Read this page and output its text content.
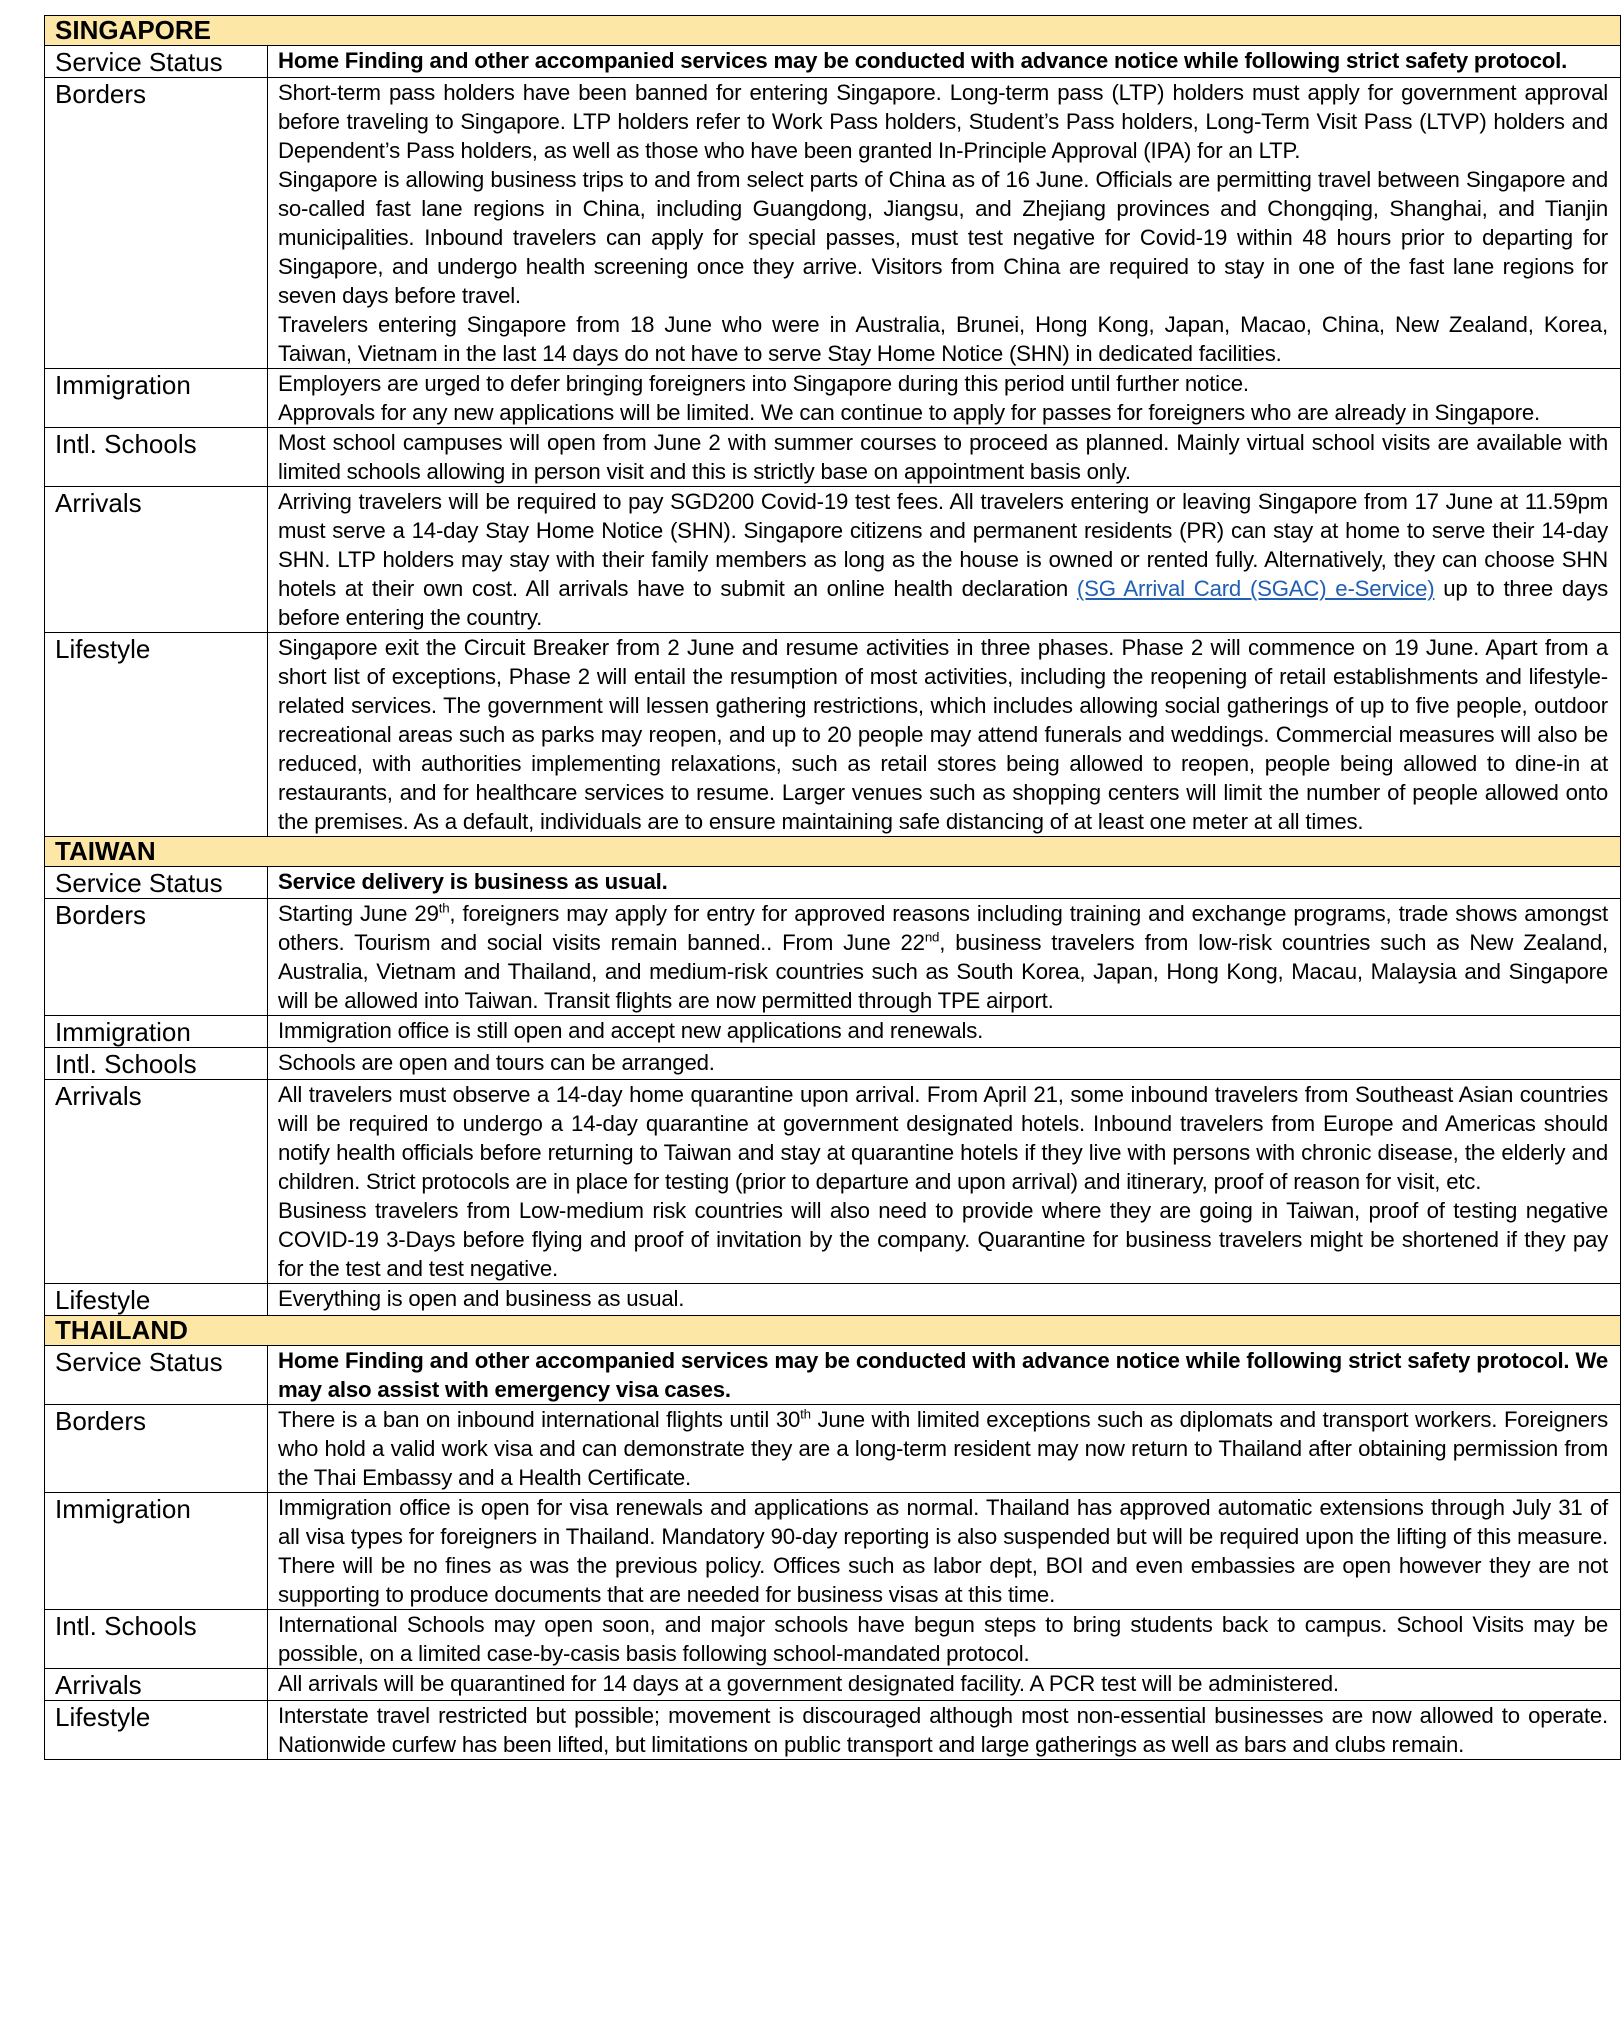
SINGAPORE	
Service Status	Home Finding and other accompanied services may be conducted with advance notice while following strict safety protocol.

Borders	Short-term pass holders have been banned for entering Singapore. Long-term pass (LTP) holders must apply for government approval before traveling to Singapore. LTP holders refer to Work Pass holders, Student’s Pass holders, Long-Term Visit Pass (LTVP) holders and Dependent’s Pass holders, as well as those who have been granted In-Principle Approval (IPA) for an LTP.
Singapore is allowing business trips to and from select parts of China as of 16 June. Officials are permitting travel between Singapore and so-called fast lane regions in China, including Guangdong, Jiangsu, and Zhejiang provinces and Chongqing, Shanghai, and Tianjin municipalities. Inbound travelers can apply for special passes, must test negative for Covid-19 within 48 hours prior to departing for Singapore, and undergo health screening once they arrive. Visitors from China are required to stay in one of the fast lane regions for seven days before travel.
Travelers entering Singapore from 18 June who were in Australia, Brunei, Hong Kong, Japan, Macao, China, New Zealand, Korea, Taiwan, Vietnam in the last 14 days do not have to serve Stay Home Notice (SHN) in dedicated facilities.

Immigration	Employers are urged to defer bringing foreigners into Singapore during this period until further notice.
Approvals for any new applications will be limited. We can continue to apply for passes for foreigners who are already in Singapore.

Intl. Schools	Most school campuses will open from June 2 with summer courses to proceed as planned. Mainly virtual school visits are available with limited schools allowing in person visit and this is strictly base on appointment basis only.

Arrivals	Arriving travelers will be required to pay SGD200 Covid-19 test fees. All travelers entering or leaving Singapore from 17 June at 11.59pm must serve a 14-day Stay Home Notice (SHN). Singapore citizens and permanent residents (PR) can stay at home to serve their 14-day SHN. LTP holders may stay with their family members as long as the house is owned or rented fully. Alternatively, they can choose SHN hotels at their own cost. All arrivals have to submit an online health declaration (SG Arrival Card (SGAC) e-Service) up to three days before entering the country.

Lifestyle	Singapore exit the Circuit Breaker from 2 June and resume activities in three phases. Phase 2 will commence on 19 June. Apart from a short list of exceptions, Phase 2 will entail the resumption of most activities, including the reopening of retail establishments and lifestyle-related services. The government will lessen gathering restrictions, which includes allowing social gatherings of up to five people, outdoor recreational areas such as parks may reopen, and up to 20 people may attend funerals and weddings. Commercial measures will also be reduced, with authorities implementing relaxations, such as retail stores being allowed to reopen, people being allowed to dine-in at restaurants, and for healthcare services to resume. Larger venues such as shopping centers will limit the number of people allowed onto the premises. As a default, individuals are to ensure maintaining safe distancing of at least one meter at all times.

TAIWAN	
Service Status	Service delivery is business as usual.

Borders	Starting June 29th, foreigners may apply for entry for approved reasons including training and exchange programs, trade shows amongst others. Tourism and social visits remain banned.. From June 22nd, business travelers from low-risk countries such as New Zealand, Australia, Vietnam and Thailand, and medium-risk countries such as South Korea, Japan, Hong Kong, Macau, Malaysia and Singapore will be allowed into Taiwan. Transit flights are now permitted through TPE airport.

Immigration	Immigration office is still open and accept new applications and renewals.

Intl. Schools	Schools are open and tours can be arranged.

Arrivals	All travelers must observe a 14-day home quarantine upon arrival. From April 21, some inbound travelers from Southeast Asian countries will be required to undergo a 14-day quarantine at government designated hotels. Inbound travelers from Europe and Americas should notify health officials before returning to Taiwan and stay at quarantine hotels if they live with persons with chronic disease, the elderly and children. Strict protocols are in place for testing (prior to departure and upon arrival) and itinerary, proof of reason for visit, etc.
Business travelers from Low-medium risk countries will also need to provide where they are going in Taiwan, proof of testing negative COVID-19 3-Days before flying and proof of invitation by the company. Quarantine for business travelers might be shortened if they pay for the test and test negative.

Lifestyle	Everything is open and business as usual.

THAILAND	
Service Status	Home Finding and other accompanied services may be conducted with advance notice while following strict safety protocol. We may also assist with emergency visa cases.

Borders	There is a ban on inbound international flights until 30th June with limited exceptions such as diplomats and transport workers. Foreigners who hold a valid work visa and can demonstrate they are a long-term resident may now return to Thailand after obtaining permission from the Thai Embassy and a Health Certificate.

Immigration	Immigration office is open for visa renewals and applications as normal. Thailand has approved automatic extensions through July 31 of all visa types for foreigners in Thailand. Mandatory 90-day reporting is also suspended but will be required upon the lifting of this measure. There will be no fines as was the previous policy. Offices such as labor dept, BOI and even embassies are open however they are not supporting to produce documents that are needed for business visas at this time.

Intl. Schools	International Schools may open soon, and major schools have begun steps to bring students back to campus. School Visits may be possible, on a limited case-by-casis basis following school-mandated protocol.

Arrivals	All arrivals will be quarantined for 14 days at a government designated facility. A PCR test will be administered.

Lifestyle	Interstate travel restricted but possible; movement is discouraged although most non-essential businesses are now allowed to operate. Nationwide curfew has been lifted, but limitations on public transport and large gatherings as well as bars and clubs remain.
